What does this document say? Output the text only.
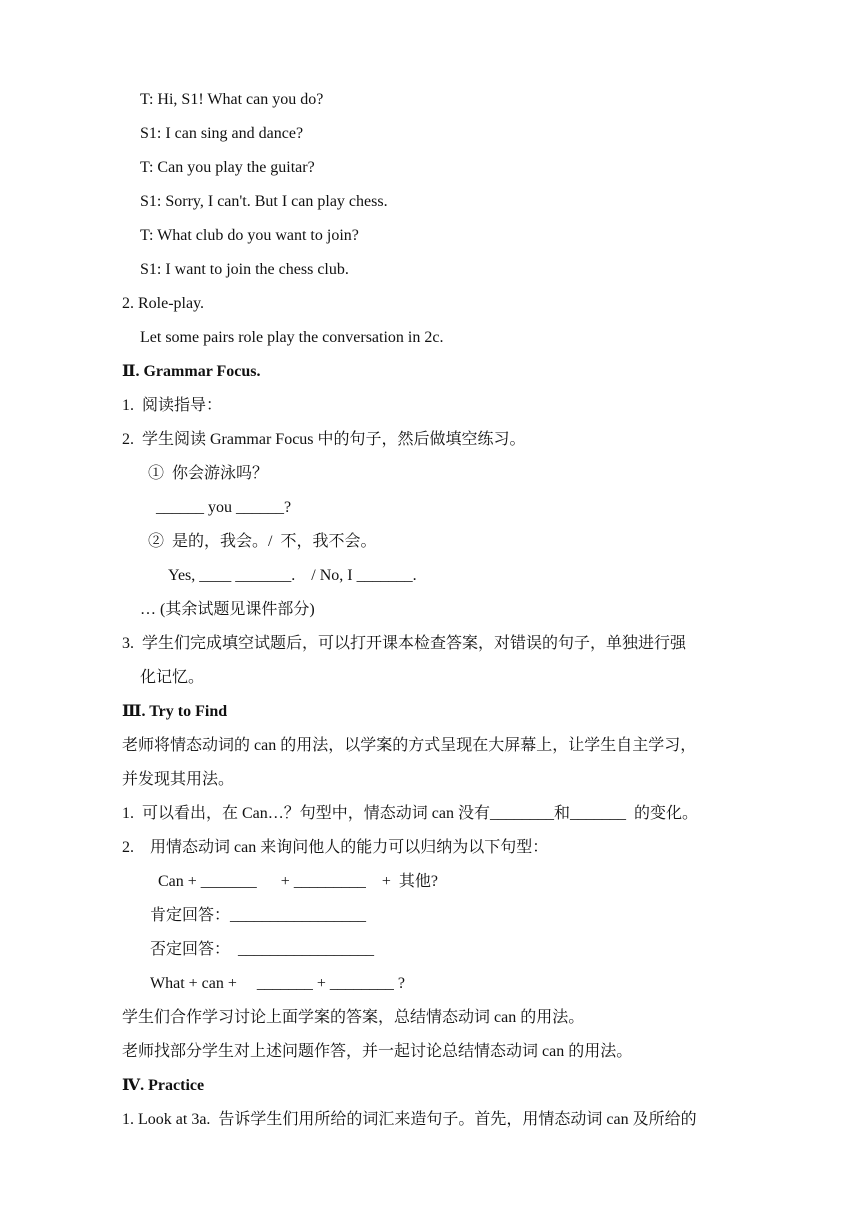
T: Hi, S1! What can you do?
S1: I can sing and dance?
T: Can you play the guitar?
S1: Sorry, I can't. But I can play chess.
T: What club do you want to join?
S1: I want to join the chess club.
2. Role-play.
Let some pairs role play the conversation in 2c.
Ⅱ. Grammar Focus.
1.  阅读指导：
2.  学生阅读 Grammar Focus 中的句子，然后做填空练习。
①  你会游泳吗？
______ you ______?
②  是的，我会。/  不，我不会。
Yes, ____ _______.    / No, I _______.
… (其余试题见课件部分)
3.  学生们完成填空试题后，可以打开课本检查答案，对错误的句子，单独进行强
化记忆。
Ⅲ. Try to Find
老师将情态动词的 can 的用法，以学案的方式呈现在大屏幕上，让学生自主学习，
并发现其用法。
1.  可以看出，在 Can…？句型中，情态动词 can 没有________和_______  的变化。
2.    用情态动词 can 来询问他人的能力可以归纳为以下句型：
Can + _______      + _________    +  其他?
肯定回答：_________________
否定回答：  _________________
What + can +     _______ + ________ ?
学生们合作学习讨论上面学案的答案，总结情态动词 can 的用法。
老师找部分学生对上述问题作答，并一起讨论总结情态动词 can 的用法。
Ⅳ. Practice
1. Look at 3a.  告诉学生们用所给的词汇来造句子。首先，用情态动词 can 及所给的
